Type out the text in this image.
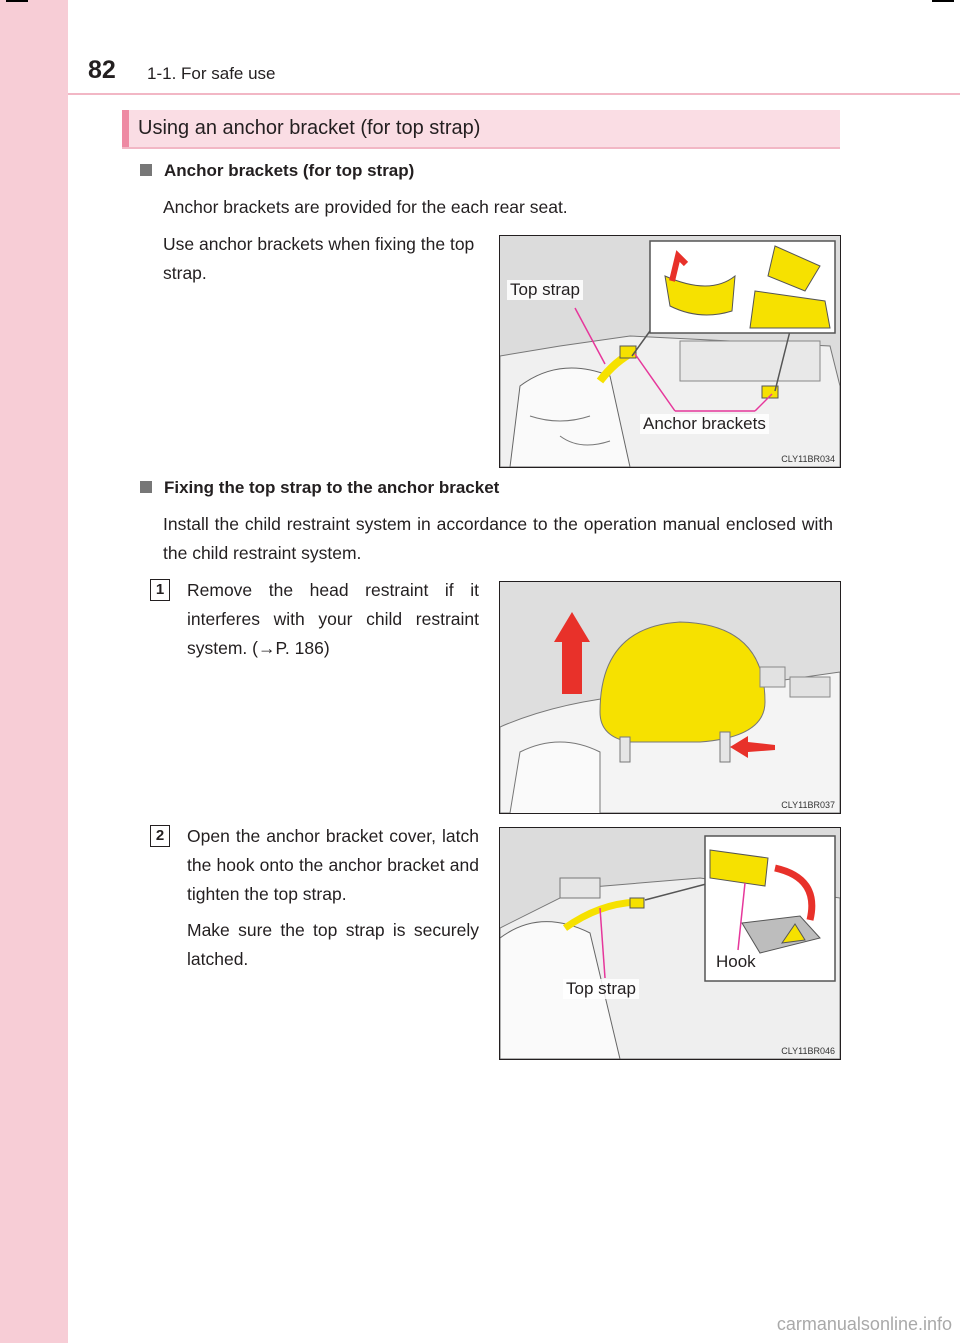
82 1-1. For safe use
Using an anchor bracket (for top strap)
Anchor brackets (for top strap)
Anchor brackets are provided for the each rear seat.
Use anchor brackets when fixing the top strap.
Top strap
Anchor brackets
CLY11BR034
Fixing the top strap to the anchor bracket
Install the child restraint system in accordance to the operation manual enclosed with the child restraint system.
1	Remove the head restraint if it interferes with your child restraint system. (→P. 186)
CLY11BR037
2	Open the anchor bracket cover, latch the hook onto the anchor bracket and tighten the top strap.
Make sure the top strap is securely latched.	Hook
Top strap
CLY11BR046
carmanualsonline.info
